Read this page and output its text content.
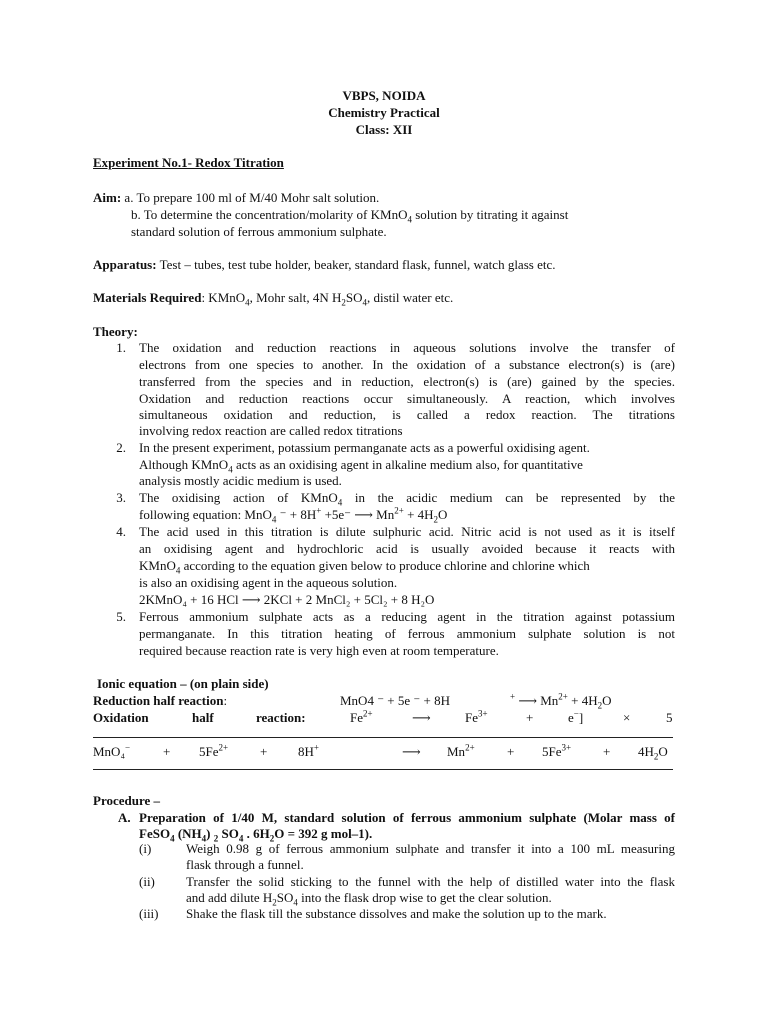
VBPS, NOIDA
Chemistry Practical
Class: XII
Experiment No.1- Redox Titration
Aim: a. To prepare 100 ml of M/40 Mohr salt solution.
b. To determine the concentration/molarity of KMnO$_4$ solution by titrating it against
standard solution of ferrous ammonium sulphate.
Apparatus: Test – tubes, test tube holder, beaker, standard flask, funnel, watch glass etc.
Materials Required: KMnO$_4$, Mohr salt, 4N $H_2SO_4$, distil water etc.
Theory:
1. The oxidation and reduction reactions in aqueous solutions involve the transfer of
electrons from one species to another. In the oxidation of a substance electron(s) is (are)
transferred from the species and in reduction, electron(s) is (are) gained by the species.
Oxidation and reduction reactions occur simultaneously. A reaction, which involves
simultaneous oxidation and reduction, is called a redox reaction. The titrations
involving redox reaction are called redox titrations
2. In the present experiment, potassium permanganate acts as a powerful oxidising agent.
Although KMnO$_4$ acts as an oxidising agent in alkaline medium also, for quantitative
analysis mostly acidic medium is used.
3. The oxidising action of KMnO$_4$ in the acidic medium can be represented by the
following equation: MnO$_4$ ⁻ + 8H+ +5e⁻ ⟶ $Mn^{2+} + 4H_2O$
4. The acid used in this titration is dilute sulphuric acid. Nitric acid is not used as it is itself
an oxidising agent and hydrochloric acid is usually avoided because it reacts with
KMnO$_4$ according to the equation given below to produce chlorine and chlorine which
is also an oxidising agent in the aqueous solution.
2KMnO₄ + 16 HCl ⟶ 2KCl + 2 MnCl₂ + 5Cl₂ + 8 H₂O
5. Ferrous ammonium sulphate acts as a reducing agent in the titration against potassium
permanganate. In this titration heating of ferrous ammonium sulphate solution is not
required because reaction rate is very high even at room temperature.
Ionic equation – (on plain side)
Reduction half reaction:	MnO4 ⁻ + 5e ⁻ + 8H	+ ⟶ $Mn^{2+} + 4H_2O$
Oxidation	half	reaction:	$Fe^{2+}$	⟶	$Fe^{3+}$	+	e−]	×	5
MnO₄−	+ $5Fe^{2+} + 8H^+$	⟶ $Mn^{2+} + 5Fe^{3+} + 4H_2O$
Procedure –
A. Preparation of 1/40 M, standard solution of ferrous ammonium sulphate (Molar mass of
FeSO$_4$ $(NH_4)$ $_2$ $SO_4$ . $6H_2O = 392$ g mol–1).
(i)	Weigh 0.98 g of ferrous ammonium sulphate and transfer it into a 100 mL measuring
flask through a funnel.
(ii) Transfer the solid sticking to the funnel with the help of distilled water into the flask
and add dilute $H_2SO_4$ into the flask drop wise to get the clear solution.
(iii) Shake the flask till the substance dissolves and make the solution up to the mark.
